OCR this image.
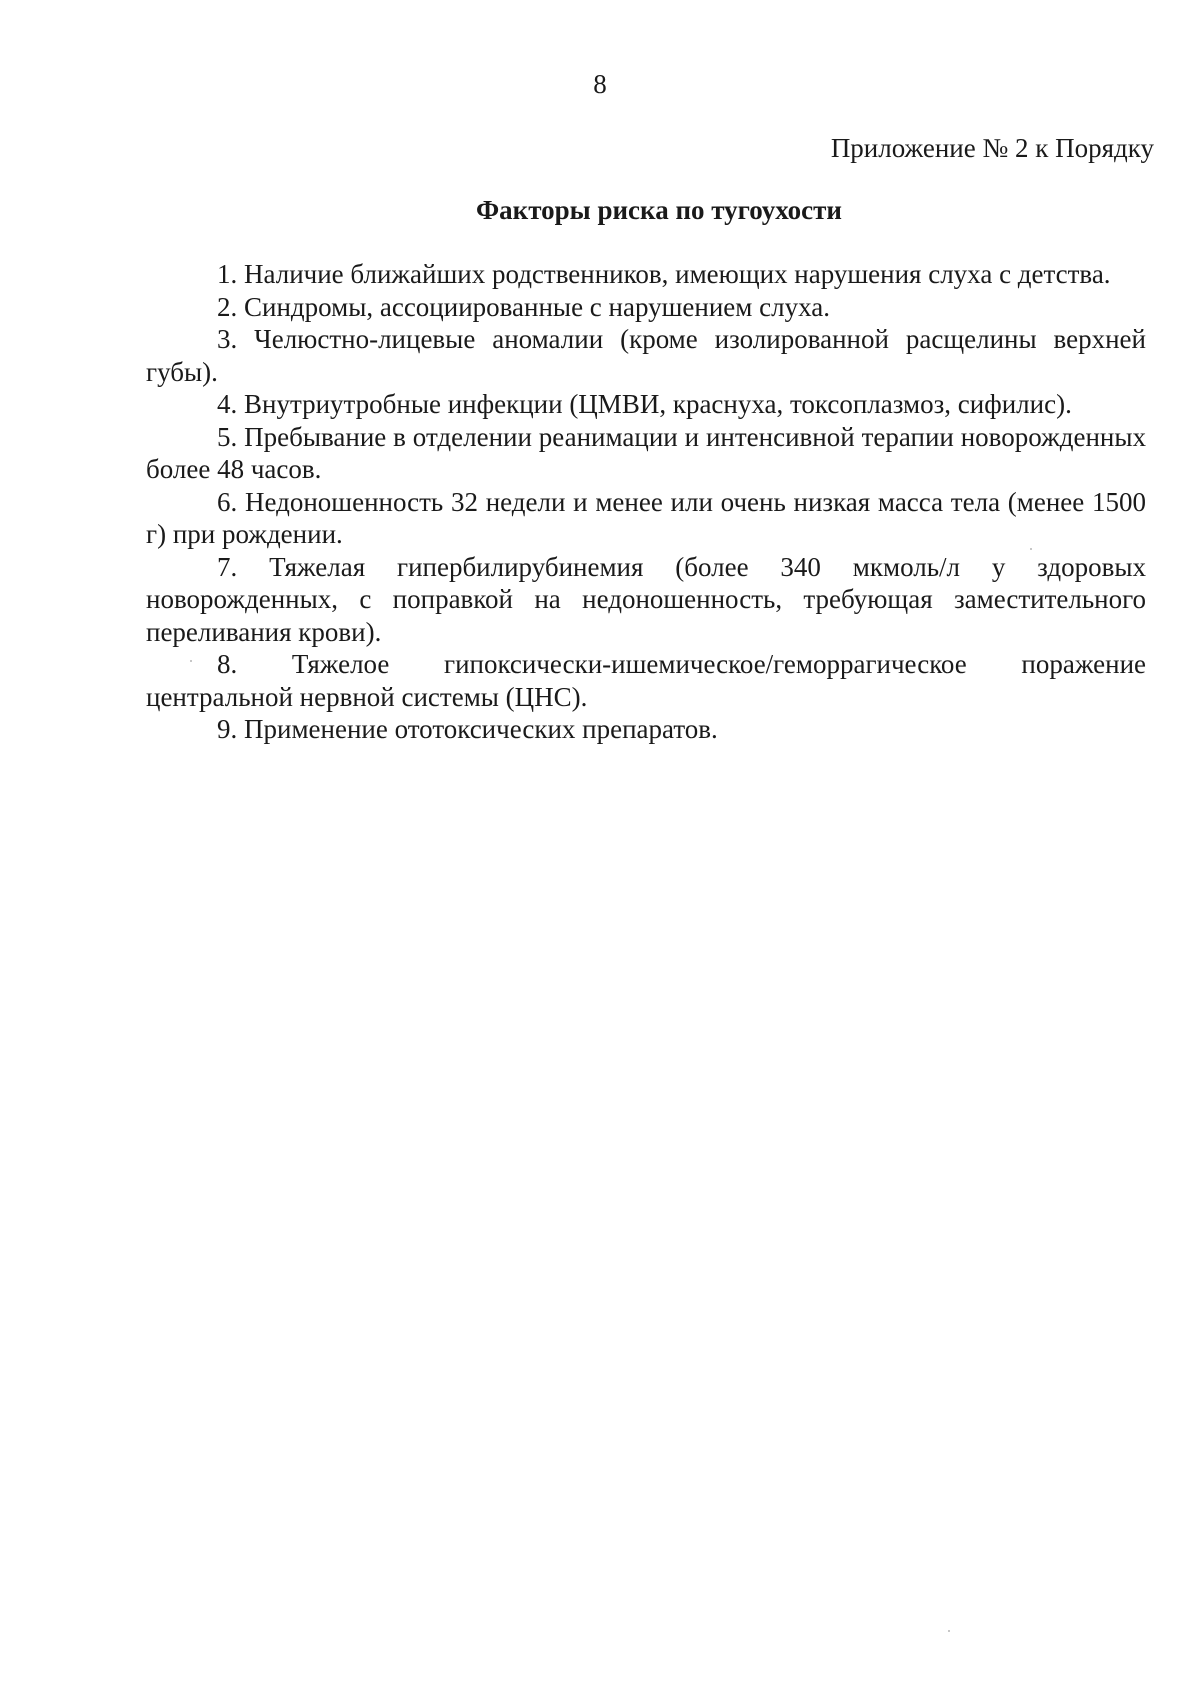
8
Приложение № 2 к Порядку
Факторы риска по тугоухости
1. Наличие ближайших родственников, имеющих нарушения слуха с детства.
2. Синдромы, ассоциированные с нарушением слуха.
3. Челюстно-лицевые аномалии (кроме изолированной расщелины верхней губы).
4. Внутриутробные инфекции (ЦМВИ, краснуха, токсоплазмоз, сифилис).
5. Пребывание в отделении реанимации и интенсивной терапии новорожденных более 48 часов.
6. Недоношенность 32 недели и менее или очень низкая масса тела (менее 1500 г) при рождении.
7. Тяжелая гипербилирубинемия (более 340 мкмоль/л у здоровых новорожденных, с поправкой на недоношенность, требующая заместительного переливания крови).
8. Тяжелое гипоксически-ишемическое/геморрагическое поражение центральной нервной системы (ЦНС).
9. Применение ототоксических препаратов.
